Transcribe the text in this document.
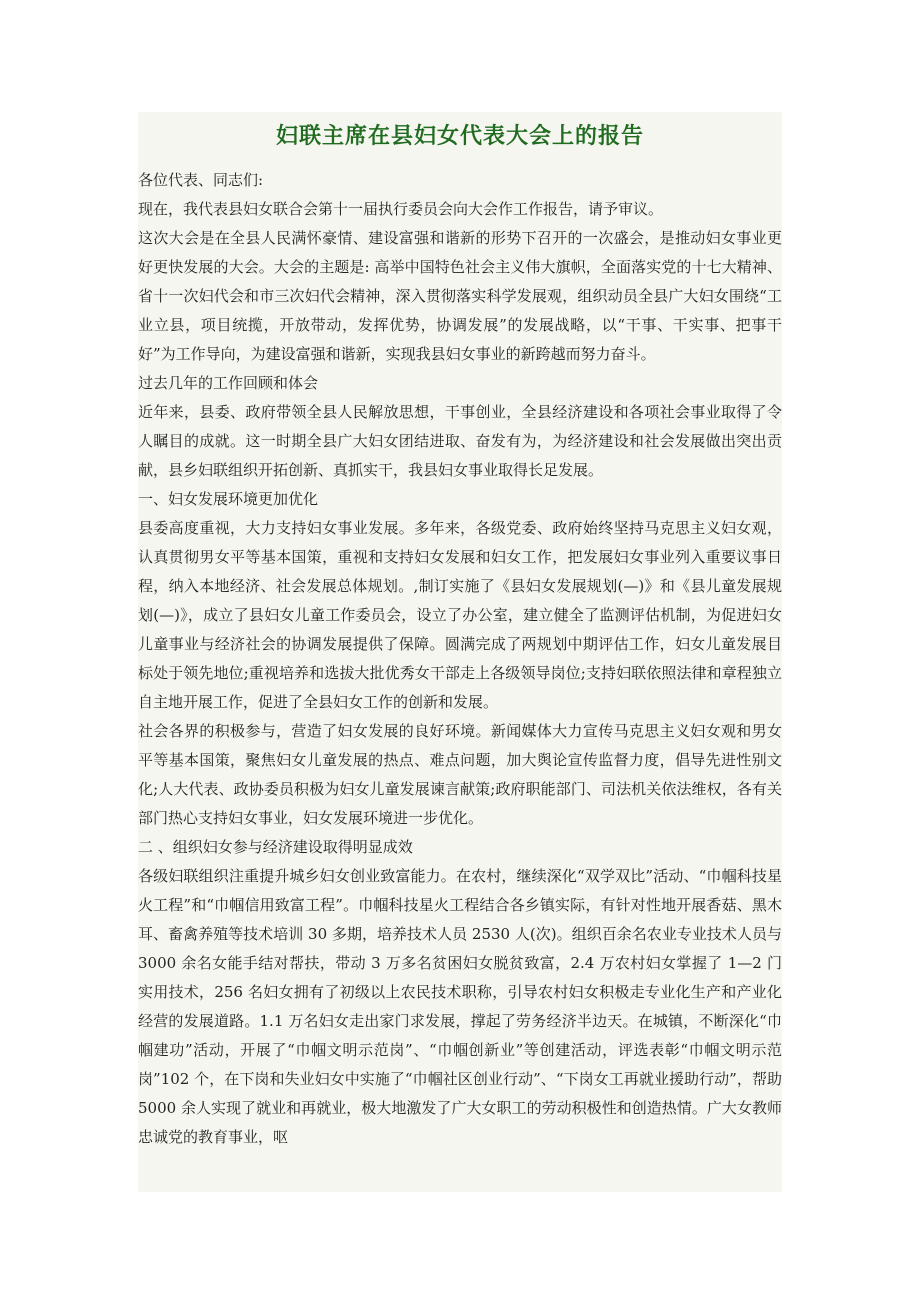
妇联主席在县妇女代表大会上的报告

各位代表、同志们:

现在，我代表县妇女联合会第十一届执行委员会向大会作工作报告，请予审议。

这次大会是在全县人民满怀豪情、建设富强和谐新的形势下召开的一次盛会，是推动妇女事业更好更快发展的大会。大会的主题是: 高举中国特色社会主义伟大旗帜，全面落实党的十七大精神、省十一次妇代会和市三次妇代会精神，深入贯彻落实科学发展观，组织动员全县广大妇女围绕“工业立县，项目统揽，开放带动，发挥优势，协调发展”的发展战略，以“干事、干实事、把事干好”为工作导向，为建设富强和谐新，实现我县妇女事业的新跨越而努力奋斗。

过去几年的工作回顾和体会

近年来，县委、政府带领全县人民解放思想，干事创业，全县经济建设和各项社会事业取得了令人瞩目的成就。这一时期全县广大妇女团结进取、奋发有为，为经济建设和社会发展做出突出贡献，县乡妇联组织开拓创新、真抓实干，我县妇女事业取得长足发展。

一、妇女发展环境更加优化

县委高度重视，大力支持妇女事业发展。多年来，各级党委、政府始终坚持马克思主义妇女观，认真贯彻男女平等基本国策，重视和支持妇女发展和妇女工作，把发展妇女事业列入重要议事日程，纳入本地经济、社会发展总体规划。,制订实施了《县妇女发展规划(—)》和《县儿童发展规划(—)》，成立了县妇女儿童工作委员会，设立了办公室，建立健全了监测评估机制，为促进妇女儿童事业与经济社会的协调发展提供了保障。圆满完成了两规划中期评估工作，妇女儿童发展目标处于领先地位;重视培养和选拔大批优秀女干部走上各级领导岗位;支持妇联依照法律和章程独立自主地开展工作，促进了全县妇女工作的创新和发展。

社会各界的积极参与，营造了妇女发展的良好环境。新闻媒体大力宣传马克思主义妇女观和男女平等基本国策，聚焦妇女儿童发展的热点、难点问题，加大舆论宣传监督力度，倡导先进性别文化;人大代表、政协委员积极为妇女儿童发展谏言献策;政府职能部门、司法机关依法维权，各有关部门热心支持妇女事业，妇女发展环境进一步优化。

二 、组织妇女参与经济建设取得明显成效

各级妇联组织注重提升城乡妇女创业致富能力。在农村，继续深化“双学双比”活动、“巾帼科技星火工程”和“巾帼信用致富工程”。巾帼科技星火工程结合各乡镇实际，有针对性地开展香菇、黑木耳、畜禽养殖等技术培训 30 多期，培养技术人员 2530 人(次)。组织百余名农业专业技术人员与 3000 余名女能手结对帮扶，带动 3 万多名贫困妇女脱贫致富，2.4 万农村妇女掌握了 1—2 门实用技术，256 名妇女拥有了初级以上农民技术职称，引导农村妇女积极走专业化生产和产业化经营的发展道路。1.1 万名妇女走出家门求发展，撑起了劳务经济半边天。在城镇，不断深化“巾帼建功”活动，开展了“巾帼文明示范岗”、“巾帼创新业”等创建活动，评选表彰“巾帼文明示范岗”102 个，在下岗和失业妇女中实施了“巾帼社区创业行动”、“下岗女工再就业援助行动”，帮助 5000 余人实现了就业和再就业，极大地激发了广大女职工的劳动积极性和创造热情。广大女教师忠诚党的教育事业，呕
